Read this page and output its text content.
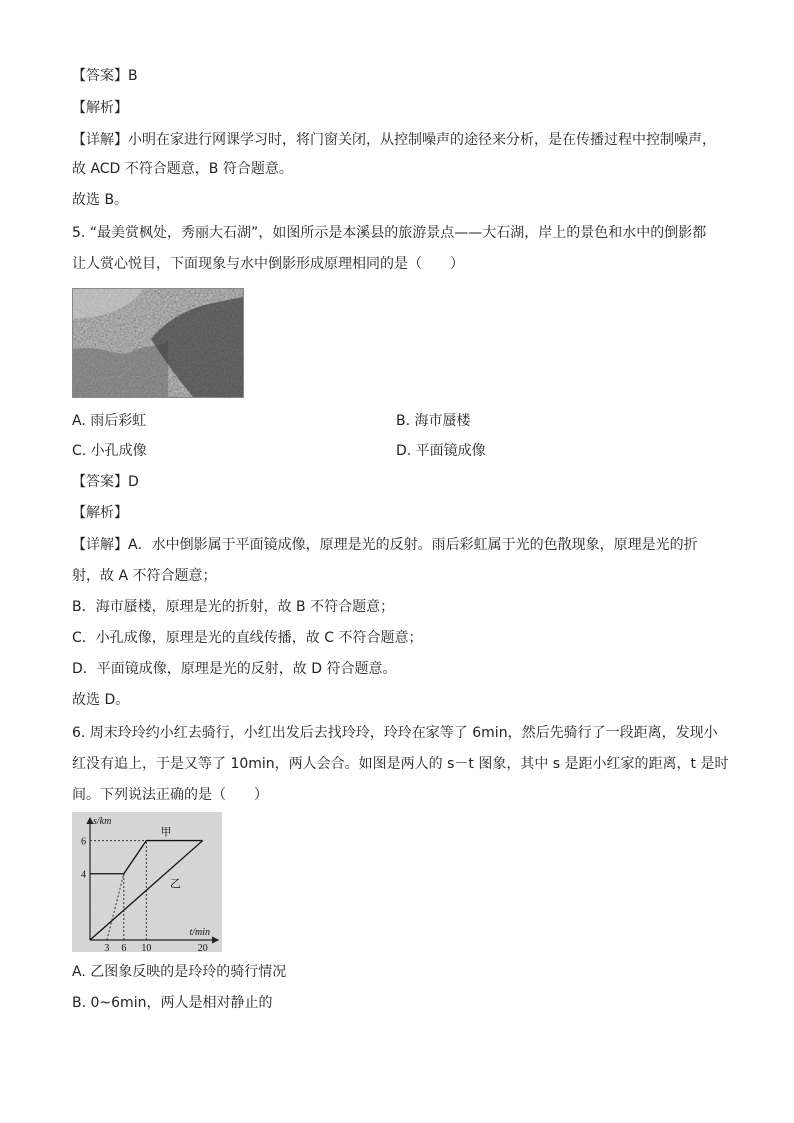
【答案】B
【解析】
【详解】小明在家进行网课学习时，将门窗关闭，从控制噪声的途径来分析，是在传播过程中控制噪声，
故 ACD 不符合题意，B 符合题意。
故选 B。
5. “最美赏枫处，秀丽大石湖”，如图所示是本溪县的旅游景点——大石湖，岸上的景色和水中的倒影都
让人赏心悦目，下面现象与水中倒影形成原理相同的是（　　）
A. 雨后彩虹	B. 海市蜃楼
C. 小孔成像	D. 平面镜成像
【答案】D
【解析】
【详解】A．水中倒影属于平面镜成像，原理是光的反射。雨后彩虹属于光的色散现象，原理是光的折
射，故 A 不符合题意；
B．海市蜃楼，原理是光的折射，故 B 不符合题意；
C．小孔成像，原理是光的直线传播，故 C 不符合题意；
D．平面镜成像，原理是光的反射，故 D 符合题意。
故选 D。
6. 周末玲玲约小红去骑行，小红出发后去找玲玲，玲玲在家等了 6min，然后先骑行了一段距离，发现小
红没有追上，于是又等了 10min，两人会合。如图是两人的 s－t 图象，其中 s 是距小红家的距离，t 是时
间。下列说法正确的是（　　）
甲
乙
3 6 10	20
4
6
s/km
t/min
A. 乙图象反映的是玲玲的骑行情况
B. 0~6min，两人是相对静止的
